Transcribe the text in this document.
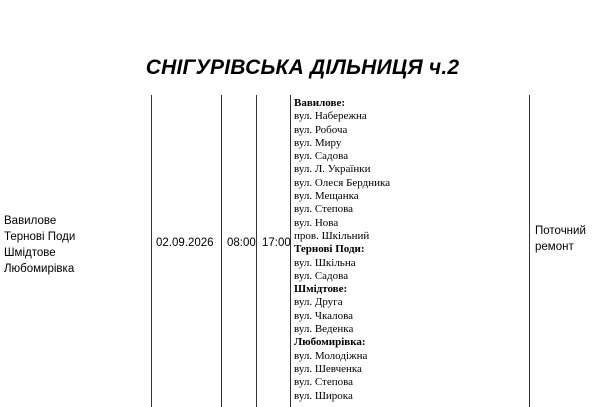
СНІГУРІВСЬКА ДІЛЬНИЦЯ ч.2
Вавилове
Тернові Поди
Шмідтове
Любомирівка
02.09.2026 08:00 17:00
Вавилове:
вул. Набережна
вул. Робоча
вул. Миру
вул. Садова
вул. Л. Українки
вул. Олеся Бердника
вул. Мещанка
вул. Степова
вул. Нова
пров. Шкільний
Тернові Поди:
вул. Шкільна
вул. Садова
Шмідтове:
вул. Друга
вул. Чкалова
вул. Веденка
Любомирівка:
вул. Молодіжна
вул. Шевченка
вул. Степова
вул. Широка
Поточний ремонт
